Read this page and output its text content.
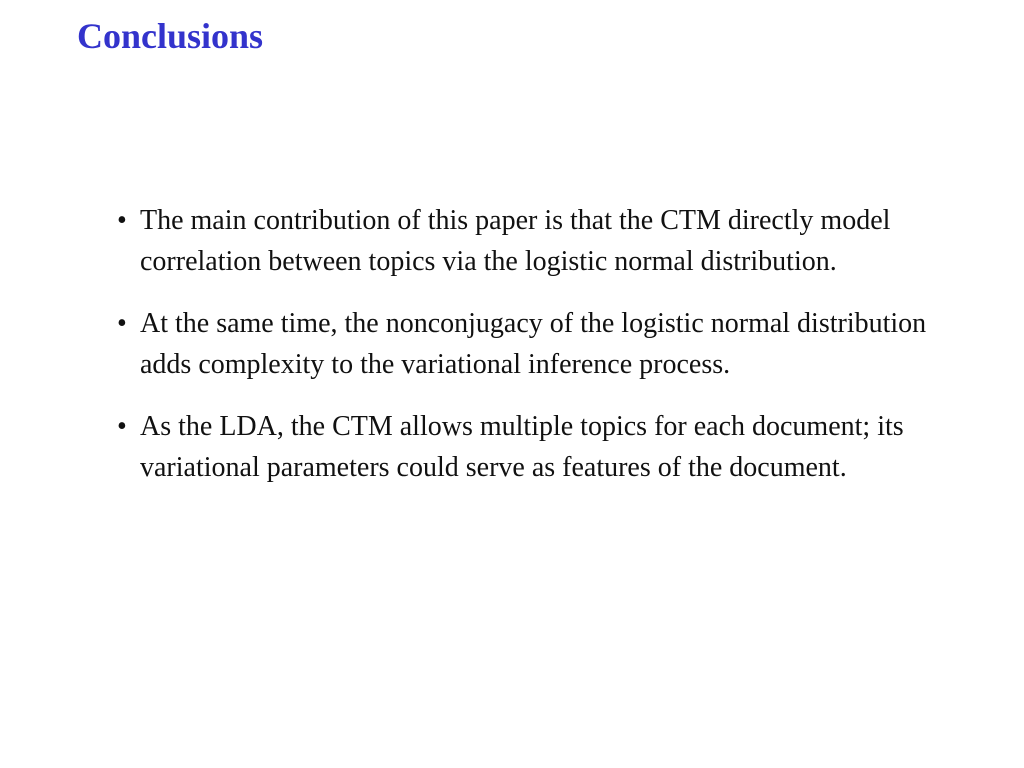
Conclusions
• The main contribution of this paper is that the CTM directly model correlation between topics via the logistic normal distribution.
• At the same time, the nonconjugacy of the logistic normal distribution adds complexity to the variational inference process.
• As the LDA, the CTM allows multiple topics for each document; its variational parameters could serve as features of the document.
